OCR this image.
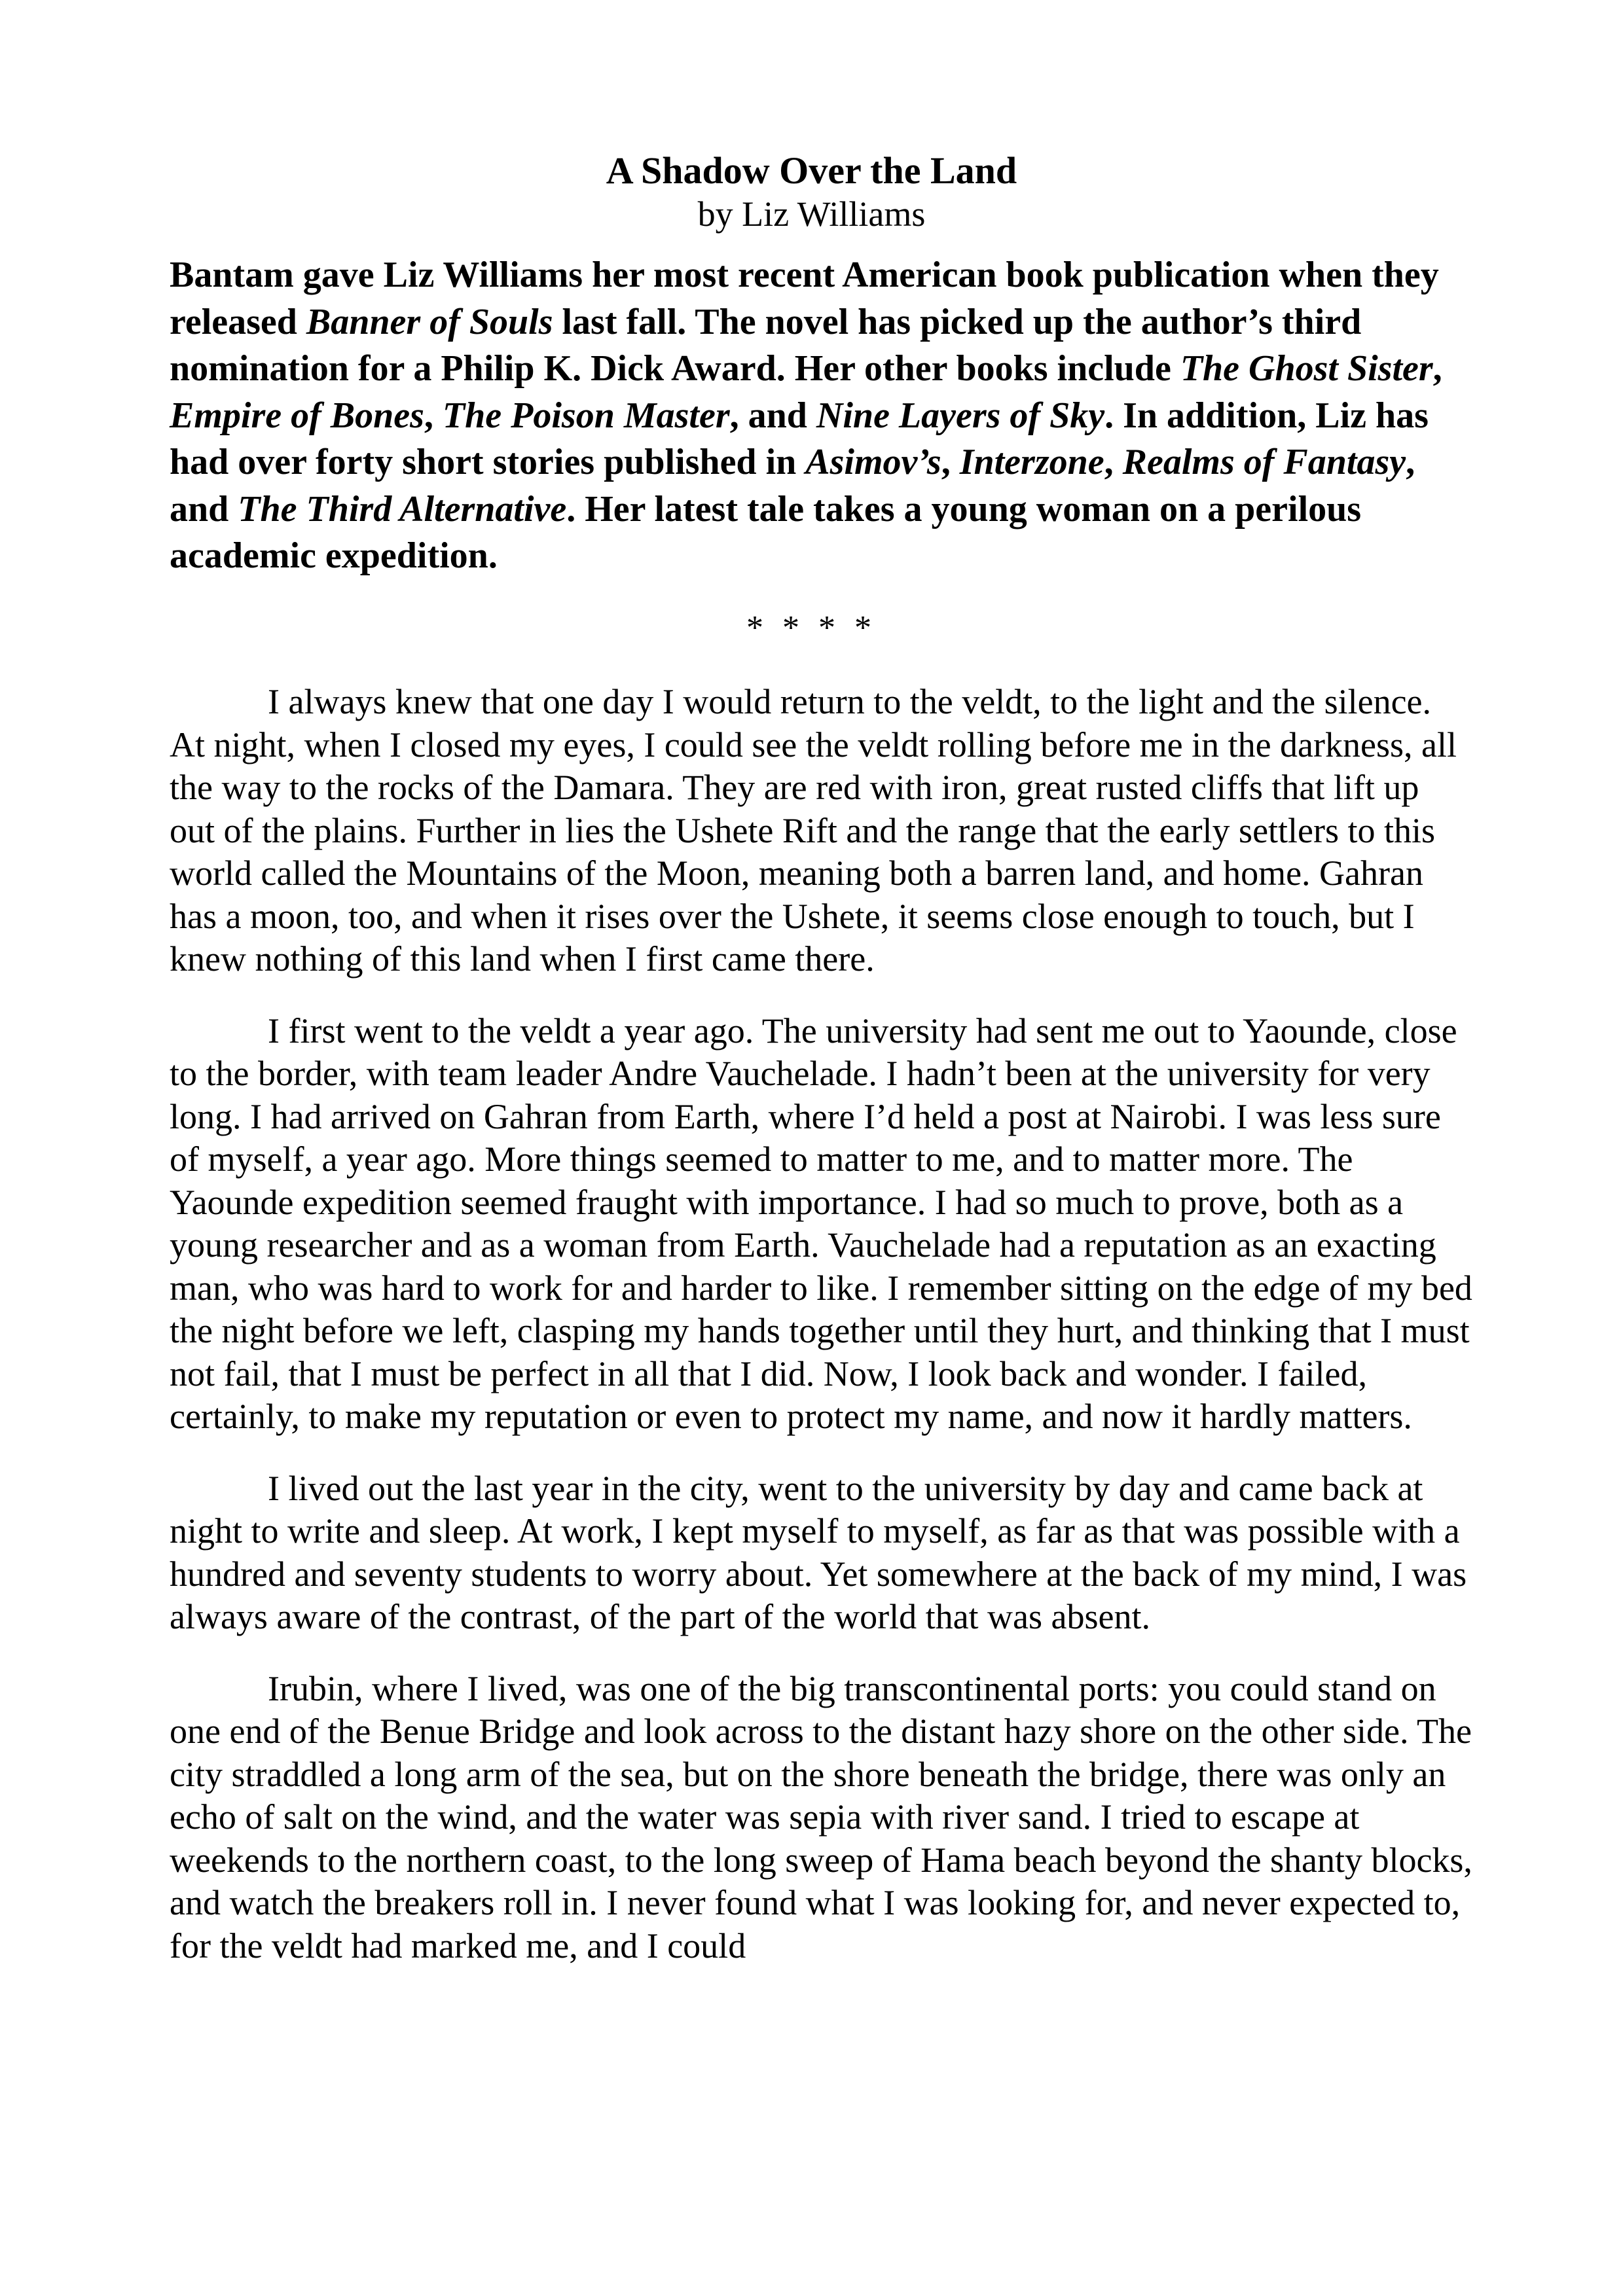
A Shadow Over the Land
by Liz Williams

Bantam gave Liz Williams her most recent American book publication when they released Banner of Souls last fall. The novel has picked up the author’s third nomination for a Philip K. Dick Award. Her other books include The Ghost Sister, Empire of Bones, The Poison Master, and Nine Layers of Sky. In addition, Liz has had over forty short stories published in Asimov’s, Interzone, Realms of Fantasy, and The Third Alternative. Her latest tale takes a young woman on a perilous academic expedition.

* * * *

I always knew that one day I would return to the veldt, to the light and the silence. At night, when I closed my eyes, I could see the veldt rolling before me in the darkness, all the way to the rocks of the Damara. They are red with iron, great rusted cliffs that lift up out of the plains. Further in lies the Ushete Rift and the range that the early settlers to this world called the Mountains of the Moon, meaning both a barren land, and home. Gahran has a moon, too, and when it rises over the Ushete, it seems close enough to touch, but I knew nothing of this land when I first came there.

I first went to the veldt a year ago. The university had sent me out to Yaounde, close to the border, with team leader Andre Vauchelade. I hadn’t been at the university for very long. I had arrived on Gahran from Earth, where I’d held a post at Nairobi. I was less sure of myself, a year ago. More things seemed to matter to me, and to matter more. The Yaounde expedition seemed fraught with importance. I had so much to prove, both as a young researcher and as a woman from Earth. Vauchelade had a reputation as an exacting man, who was hard to work for and harder to like. I remember sitting on the edge of my bed the night before we left, clasping my hands together until they hurt, and thinking that I must not fail, that I must be perfect in all that I did. Now, I look back and wonder. I failed, certainly, to make my reputation or even to protect my name, and now it hardly matters.

I lived out the last year in the city, went to the university by day and came back at night to write and sleep. At work, I kept myself to myself, as far as that was possible with a hundred and seventy students to worry about. Yet somewhere at the back of my mind, I was always aware of the contrast, of the part of the world that was absent.

Irubin, where I lived, was one of the big transcontinental ports: you could stand on one end of the Benue Bridge and look across to the distant hazy shore on the other side. The city straddled a long arm of the sea, but on the shore beneath the bridge, there was only an echo of salt on the wind, and the water was sepia with river sand. I tried to escape at weekends to the northern coast, to the long sweep of Hama beach beyond the shanty blocks, and watch the breakers roll in. I never found what I was looking for, and never expected to, for the veldt had marked me, and I could
